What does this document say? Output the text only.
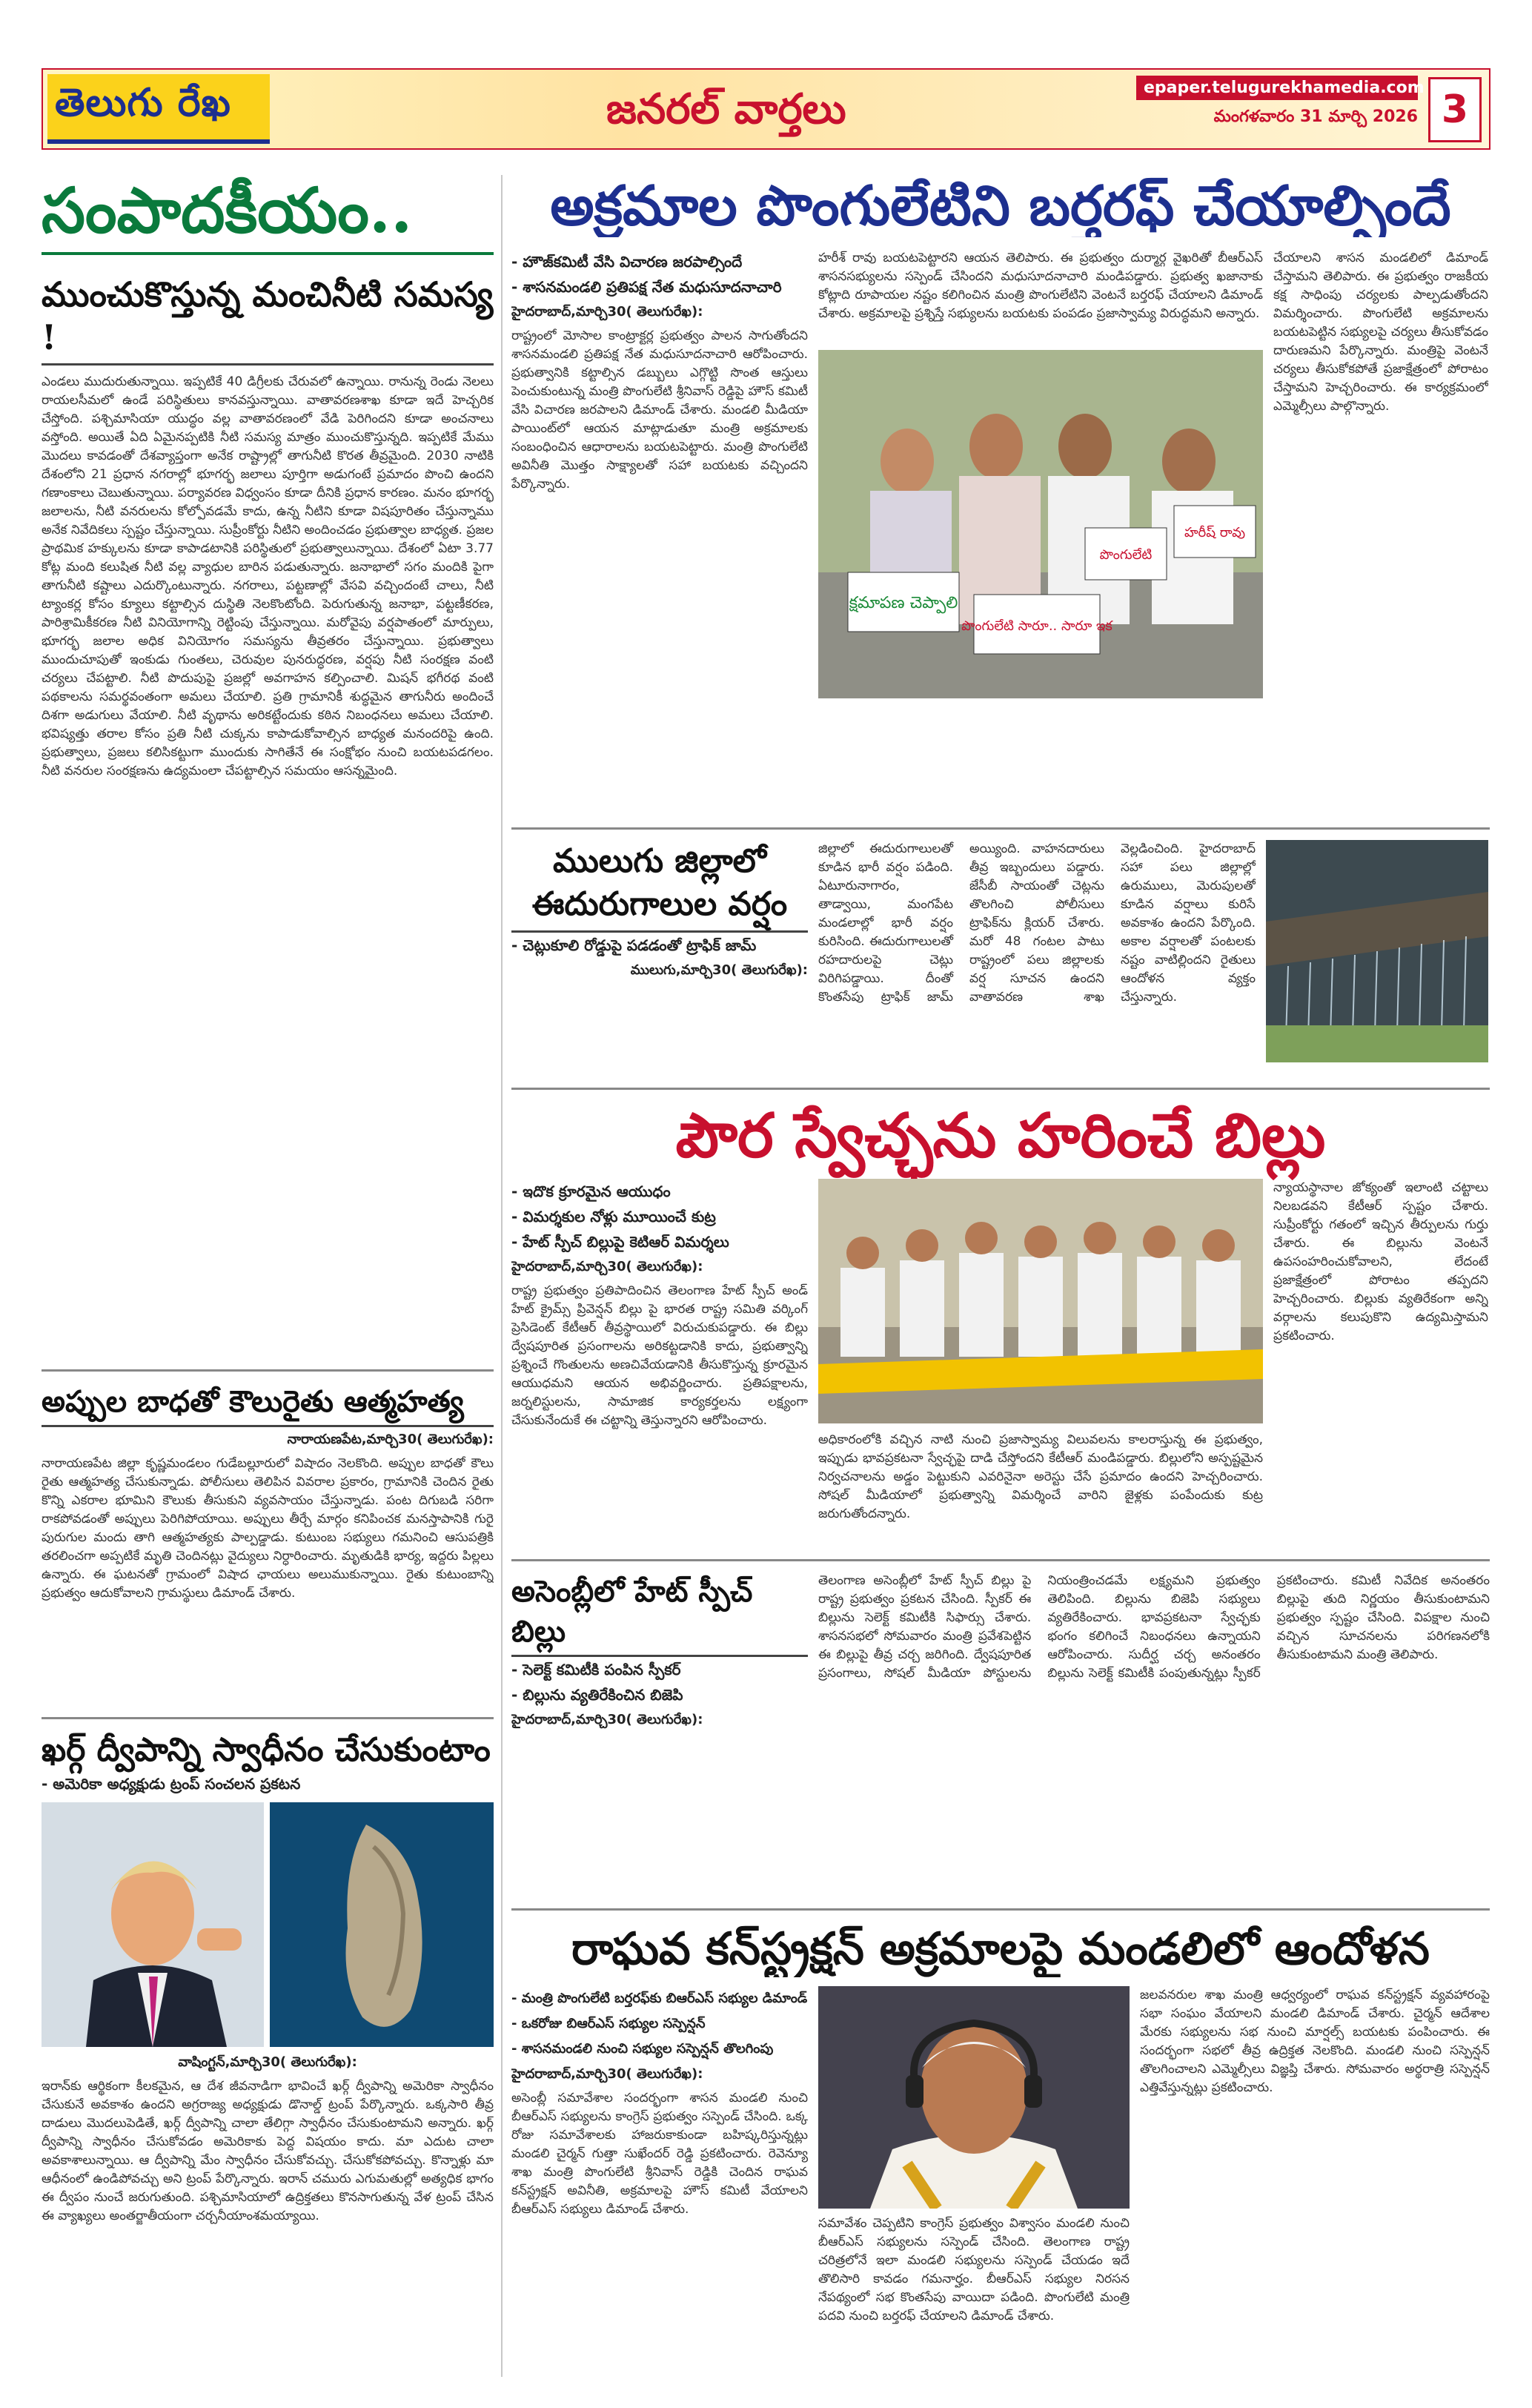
తెలుగు రేఖ	జనరల్ వార్తలు	epaper.telugurekhamedia.com
మంగళవారం 31 మార్చి 2026 3
సంపాదకీయం..
ముంచుకొస్తున్న మంచినీటి సమస్య !

ఎండలు ముదురుతున్నాయి. ఇప్పటికే 40 డిగ్రీలకు చేరువలో ఉన్నాయి. రానున్న రెండు నెలలు రాయలసీమలో ఉండే పరిస్థితులు కానవస్తున్నాయి. వాతావరణశాఖ కూడా ఇదే హెచ్చరిక చేస్తోంది. పశ్చిమాసియా యుద్ధం వల్ల వాతావరణంలో వేడి పెరిగిందని కూడా అంచనాలు వస్తోంది. అయితే ఏది ఏమైనప్పటికి నీటి సమస్య మాత్రం ముంచుకొస్తున్నది. ఇప్పటికే మేము మొదలు కావడంతో దేశవ్యాప్తంగా అనేక రాష్ట్రాల్లో తాగునీటి కొరత తీవ్రమైంది. 2030 నాటికి దేశంలోని 21 ప్రధాన నగరాల్లో భూగర్భ జలాలు పూర్తిగా అడుగంటే ప్రమాదం పొంచి ఉందని గణాంకాలు చెబుతున్నాయి. పర్యావరణ విధ్వంసం కూడా దీనికి ప్రధాన కారణం. మనం భూగర్భ జలాలను, నీటి వనరులను కోల్పోవడమే కాదు, ఉన్న నీటిని కూడా విషపూరితం చేస్తున్నాము అనేక నివేదికలు స్పష్టం చేస్తున్నాయి. సుప్రీంకోర్టు నీటిని అందించడం ప్రభుత్వాల బాధ్యత. ప్రజల ప్రాథమిక హక్కులను కూడా కాపాడటానికి పరిస్థితులో ప్రభుత్వాలున్నాయి. దేశంలో ఏటా 3.77 కోట్ల మంది కలుషిత నీటి వల్ల వ్యాధుల బారిన పడుతున్నారు. జనాభాలో సగం మందికి పైగా తాగునీటి కష్టాలు ఎదుర్కొంటున్నారు. నగరాలు, పట్టణాల్లో వేసవి వచ్చిందంటే చాలు, నీటి ట్యాంకర్ల కోసం క్యూలు కట్టాల్సిన దుస్థితి నెలకొంటోంది. పెరుగుతున్న జనాభా, పట్టణీకరణ, పారిశ్రామికీకరణ నీటి వినియోగాన్ని రెట్టింపు చేస్తున్నాయి. మరోవైపు వర్షపాతంలో మార్పులు, భూగర్భ జలాల అధిక వినియోగం సమస్యను తీవ్రతరం చేస్తున్నాయి. ప్రభుత్వాలు ముందుచూపుతో ఇంకుడు గుంతలు, చెరువుల పునరుద్ధరణ, వర్షపు నీటి సంరక్షణ వంటి చర్యలు చేపట్టాలి. నీటి పొదుపుపై ప్రజల్లో అవగాహన కల్పించాలి. మిషన్ భగీరథ వంటి పథకాలను సమర్థవంతంగా అమలు చేయాలి. ప్రతి గ్రామానికీ శుద్ధమైన తాగునీరు అందించే దిశగా అడుగులు వేయాలి. నీటి వృథాను అరికట్టేందుకు కఠిన నిబంధనలు అమలు చేయాలి. భవిష్యత్తు తరాల కోసం ప్రతి నీటి చుక్కను కాపాడుకోవాల్సిన బాధ్యత మనందరిపై ఉంది. ప్రభుత్వాలు, ప్రజలు కలిసికట్టుగా ముందుకు సాగితేనే ఈ సంక్షోభం నుంచి బయటపడగలం. నీటి వనరుల సంరక్షణను ఉద్యమంలా చేపట్టాల్సిన సమయం ఆసన్నమైంది.

అప్పుల బాధతో కౌలురైతు ఆత్మహత్య
నారాయణపేట,మార్చి30( తెలుగురేఖ):

నారాయణపేట జిల్లా కృష్ణమండలం గుడేబల్లూరులో విషాదం నెలకొంది. అప్పుల బాధతో కౌలు రైతు ఆత్మహత్య చేసుకున్నాడు. పోలీసులు తెలిపిన వివరాల ప్రకారం, గ్రామానికి చెందిన రైతు కొన్ని ఎకరాల భూమిని కౌలుకు తీసుకుని వ్యవసాయం చేస్తున్నాడు. పంట దిగుబడి సరిగా రాకపోవడంతో అప్పులు పెరిగిపోయాయి. అప్పులు తీర్చే మార్గం కనిపించక మనస్తాపానికి గురై పురుగుల మందు తాగి ఆత్మహత్యకు పాల్పడ్డాడు. కుటుంబ సభ్యులు గమనించి ఆసుపత్రికి తరలించగా అప్పటికే మృతి చెందినట్లు వైద్యులు నిర్ధారించారు. మృతుడికి భార్య, ఇద్దరు పిల్లలు ఉన్నారు. ఈ ఘటనతో గ్రామంలో విషాద ఛాయలు అలుముకున్నాయి. రైతు కుటుంబాన్ని ప్రభుత్వం ఆదుకోవాలని గ్రామస్థులు డిమాండ్ చేశారు.

ఖర్గ్ ద్వీపాన్ని స్వాధీనం చేసుకుంటాం
- అమెరికా అధ్యక్షుడు ట్రంప్ సంచలన ప్రకటన
వాషింగ్టన్,మార్చి30( తెలుగురేఖ):

ఇరాన్‌కు ఆర్థికంగా కీలకమైన, ఆ దేశ జీవనాడిగా భావించే ఖర్గ్ ద్వీపాన్ని అమెరికా స్వాధీనం చేసుకునే అవకాశం ఉందని అగ్రరాజ్య అధ్యక్షుడు డొనాల్డ్ ట్రంప్ పేర్కొన్నారు. ఒక్కసారి తీవ్ర దాడులు మొదలుపెడితే, ఖర్గ్ ద్వీపాన్ని చాలా తేలిగ్గా స్వాధీనం చేసుకుంటామని అన్నారు. ఖర్గ్ ద్వీపాన్ని స్వాధీనం చేసుకోవడం అమెరికాకు పెద్ద విషయం కాదు. మా ఎదుట చాలా అవకాశాలున్నాయి. ఆ ద్వీపాన్ని మేం స్వాధీనం చేసుకోవచ్చు. చేసుకోకపోవచ్చు. కొన్నాళ్లు మా ఆధీనంలో ఉండిపోవచ్చు అని ట్రంప్ పేర్కొన్నారు. ఇరాన్ చమురు ఎగుమతుల్లో అత్యధిక భాగం ఈ ద్వీపం నుంచే జరుగుతుంది. పశ్చిమాసియాలో ఉద్రిక్తతలు కొనసాగుతున్న వేళ ట్రంప్ చేసిన ఈ వ్యాఖ్యలు అంతర్జాతీయంగా చర్చనీయాంశమయ్యాయి.

అక్రమాల పొంగులేటిని బర్తరఫ్ చేయాల్సిందే
- హౌజ్‌కమిటీ వేసి విచారణ జరపాల్సిందే
- శాసనమండలి ప్రతిపక్ష నేత మధుసూదనాచారి
హైదరాబాద్,మార్చి30( తెలుగురేఖ):

రాష్ట్రంలో మోసాల కాంట్రాక్టర్ల ప్రభుత్వం పాలన సాగుతోందని శాసనమండలి ప్రతిపక్ష నేత మధుసూదనాచారి ఆరోపించారు. ప్రభుత్వానికి కట్టాల్సిన డబ్బులు ఎగ్గొట్టి సొంత ఆస్తులు పెంచుకుంటున్న మంత్రి పొంగులేటి శ్రీనివాస్ రెడ్డిపై హౌస్ కమిటీ వేసి విచారణ జరపాలని డిమాండ్ చేశారు. మండలి మీడియా పాయింట్‌లో ఆయన మాట్లాడుతూ మంత్రి అక్రమాలకు సంబంధించిన ఆధారాలను బయటపెట్టారు. మంత్రి పొంగులేటి అవినీతి మొత్తం సాక్ష్యాలతో సహా బయటకు వచ్చిందని పేర్కొన్నారు.

హరీశ్ రావు బయటపెట్టారని ఆయన తెలిపారు. ఈ ప్రభుత్వం దుర్మార్గ వైఖరితో బీఆర్‌ఎస్ శాసనసభ్యులను సస్పెండ్ చేసిందని మధుసూదనాచారి మండిపడ్డారు. ప్రభుత్వ ఖజానాకు కోట్లాది రూపాయల నష్టం కలిగించిన మంత్రి పొంగులేటిని వెంటనే బర్తరఫ్ చేయాలని డిమాండ్ చేశారు. అక్రమాలపై ప్రశ్నిస్తే సభ్యులను బయటకు పంపడం ప్రజాస్వామ్య విరుద్ధమని అన్నారు.

చేయాలని శాసన మండలిలో డిమాండ్ చేస్తామని తెలిపారు. ఈ ప్రభుత్వం రాజకీయ కక్ష సాధింపు చర్యలకు పాల్పడుతోందని విమర్శించారు. పొంగులేటి అక్రమాలను బయటపెట్టిన సభ్యులపై చర్యలు తీసుకోవడం దారుణమని పేర్కొన్నారు. మంత్రిపై వెంటనే చర్యలు తీసుకోకపోతే ప్రజాక్షేత్రంలో పోరాటం చేస్తామని హెచ్చరించారు. ఈ కార్యక్రమంలో ఎమ్మెల్సీలు పాల్గొన్నారు.

క్షమాపణ చెప్పాలి
పొంగులేటి సారూ.. సారూ ఇక
పొంగులేటి
హరీష్ రావు
ములుగు జిల్లాలో ఈదురుగాలుల వర్షం
- చెట్లుకూలి రోడ్డుపై పడడంతో ట్రాఫిక్ జామ్
ములుగు,మార్చి30( తెలుగురేఖ):

జిల్లాలో ఈదురుగాలులతో కూడిన భారీ వర్షం పడింది. ఏటూరునాగారం, తాడ్వాయి, మంగపేట మండలాల్లో భారీ వర్షం కురిసింది. ఈదురుగాలులతో రహదారులపై చెట్లు విరిగిపడ్డాయి. దీంతో కొంతసేపు ట్రాఫిక్ జామ్ అయ్యింది. వాహనదారులు తీవ్ర ఇబ్బందులు పడ్డారు. జేసీబీ సాయంతో చెట్లను తొలగించి పోలీసులు ట్రాఫిక్‌ను క్లియర్ చేశారు. మరో 48 గంటల పాటు రాష్ట్రంలో పలు జిల్లాలకు వర్ష సూచన ఉందని వాతావరణ శాఖ వెల్లడించింది. హైదరాబాద్ సహా పలు జిల్లాల్లో ఉరుములు, మెరుపులతో కూడిన వర్షాలు కురిసే అవకాశం ఉందని పేర్కొంది. అకాల వర్షాలతో పంటలకు నష్టం వాటిల్లిందని రైతులు ఆందోళన వ్యక్తం చేస్తున్నారు.

పౌర స్వేచ్ఛను హరించే బిల్లు
- ఇదొక క్రూరమైన ఆయుధం
- విమర్శకుల నోళ్లు మూయించే కుట్ర
- హేట్ స్పీచ్ బిల్లుపై కెటిఆర్ విమర్శలు
హైదరాబాద్,మార్చి30( తెలుగురేఖ):

రాష్ట్ర ప్రభుత్వం ప్రతిపాదించిన తెలంగాణ హేట్ స్పీచ్ అండ్ హేట్ క్రైమ్స్ ప్రివెన్షన్ బిల్లు పై భారత రాష్ట్ర సమితి వర్కింగ్ ప్రెసిడెంట్ కేటీఆర్ తీవ్రస్థాయిలో విరుచుకుపడ్డారు. ఈ బిల్లు ద్వేషపూరిత ప్రసంగాలను అరికట్టడానికి కాదు, ప్రభుత్వాన్ని ప్రశ్నించే గొంతులను అణచివేయడానికి తీసుకొస్తున్న క్రూరమైన ఆయుధమని ఆయన అభివర్ణించారు. ప్రతిపక్షాలను, జర్నలిస్టులను, సామాజిక కార్యకర్తలను లక్ష్యంగా చేసుకునేందుకే ఈ చట్టాన్ని తెస్తున్నారని ఆరోపించారు.

న్యాయస్థానాల జోక్యంతో ఇలాంటి చట్టాలు నిలబడవని కేటీఆర్ స్పష్టం చేశారు. సుప్రీంకోర్టు గతంలో ఇచ్చిన తీర్పులను గుర్తు చేశారు. ఈ బిల్లును వెంటనే ఉపసంహరించుకోవాలని, లేదంటే ప్రజాక్షేత్రంలో పోరాటం తప్పదని హెచ్చరించారు. బిల్లుకు వ్యతిరేకంగా అన్ని వర్గాలను కలుపుకొని ఉద్యమిస్తామని ప్రకటించారు.

అధికారంలోకి వచ్చిన నాటి నుంచి ప్రజాస్వామ్య విలువలను కాలరాస్తున్న ఈ ప్రభుత్వం, ఇప్పుడు భావప్రకటనా స్వేచ్ఛపై దాడి చేస్తోందని కేటీఆర్ మండిపడ్డారు. బిల్లులోని అస్పష్టమైన నిర్వచనాలను అడ్డం పెట్టుకుని ఎవరినైనా అరెస్టు చేసే ప్రమాదం ఉందని హెచ్చరించారు. సోషల్ మీడియాలో ప్రభుత్వాన్ని విమర్శించే వారిని జైళ్లకు పంపేందుకు కుట్ర జరుగుతోందన్నారు.

అసెంబ్లీలో హేట్ స్పీచ్ బిల్లు
- సెలెక్ట్ కమిటీకి పంపిన స్పీకర్
- బిల్లును వ్యతిరేకించిన బిజెపి
హైదరాబాద్,మార్చి30( తెలుగురేఖ):

తెలంగాణ అసెంబ్లీలో హేట్ స్పీచ్ బిల్లు పై రాష్ట్ర ప్రభుత్వం ప్రకటన చేసింది. స్పీకర్ ఈ బిల్లును సెలెక్ట్ కమిటీకి సిఫార్సు చేశారు. శాసనసభలో సోమవారం మంత్రి ప్రవేశపెట్టిన ఈ బిల్లుపై తీవ్ర చర్చ జరిగింది. ద్వేషపూరిత ప్రసంగాలు, సోషల్ మీడియా పోస్టులను నియంత్రించడమే లక్ష్యమని ప్రభుత్వం తెలిపింది. బిల్లును బిజెపి సభ్యులు వ్యతిరేకించారు. భావప్రకటనా స్వేచ్ఛకు భంగం కలిగించే నిబంధనలు ఉన్నాయని ఆరోపించారు. సుదీర్ఘ చర్చ అనంతరం బిల్లును సెలెక్ట్ కమిటీకి పంపుతున్నట్లు స్పీకర్ ప్రకటించారు. కమిటీ నివేదిక అనంతరం బిల్లుపై తుది నిర్ణయం తీసుకుంటామని ప్రభుత్వం స్పష్టం చేసింది. విపక్షాల నుంచి వచ్చిన సూచనలను పరిగణనలోకి తీసుకుంటామని మంత్రి తెలిపారు.

రాఘవ కన్‌స్ట్రక్షన్ అక్రమాలపై మండలిలో ఆందోళన
- మంత్రి పొంగులేటి బర్తరఫ్‌కు బిఆర్ఎస్ సభ్యుల డిమాండ్
- ఒకరోజు బిఆర్ఎస్ సభ్యుల సస్పెన్షన్
- శాసనమండలి నుంచి సభ్యుల సస్పెన్షన్ తొలగింపు
హైదరాబాద్,మార్చి30( తెలుగురేఖ):

అసెంబ్లీ సమావేశాల సందర్భంగా శాసన మండలి నుంచి బీఆర్ఎస్ సభ్యులను కాంగ్రెస్ ప్రభుత్వం సస్పెండ్ చేసింది. ఒక్క రోజు సమావేశాలకు హాజరుకాకుండా బహిష్కరిస్తున్నట్లు మండలి చైర్మన్ గుత్తా సుఖేందర్ రెడ్డి ప్రకటించారు. రెవెన్యూ శాఖ మంత్రి పొంగులేటి శ్రీనివాస్ రెడ్డికి చెందిన రాఘవ కన్‌స్ట్రక్షన్ అవినీతి, అక్రమాలపై హౌస్ కమిటీ వేయాలని బీఆర్ఎస్ సభ్యులు డిమాండ్ చేశారు.

సమావేశం చెప్పటిని కాంగ్రెస్ ప్రభుత్వం విశ్వాసం మండలి నుంచి బీఆర్ఎస్ సభ్యులను సస్పెండ్ చేసింది. తెలంగాణ రాష్ట్ర చరిత్రలోనే ఇలా మండలి సభ్యులను సస్పెండ్ చేయడం ఇదే తొలిసారి కావడం గమనార్హం. బీఆర్ఎస్ సభ్యుల నిరసన నేపథ్యంలో సభ కొంతసేపు వాయిదా పడింది. పొంగులేటి మంత్రి పదవి నుంచి బర్తరఫ్ చేయాలని డిమాండ్ చేశారు.

జలవనరుల శాఖ మంత్రి ఆధ్వర్యంలో రాఘవ కన్‌స్ట్రక్షన్ వ్యవహారంపై సభా సంఘం వేయాలని మండలి డిమాండ్ చేశారు. చైర్మన్ ఆదేశాల మేరకు సభ్యులను సభ నుంచి మార్షల్స్ బయటకు పంపించారు. ఈ సందర్భంగా సభలో తీవ్ర ఉద్రిక్తత నెలకొంది. మండలి నుంచి సస్పెన్షన్ తొలగించాలని ఎమ్మెల్సీలు విజ్ఞప్తి చేశారు. సోమవారం అర్థరాత్రి సస్పెన్షన్ ఎత్తివేస్తున్నట్లు ప్రకటించారు.
